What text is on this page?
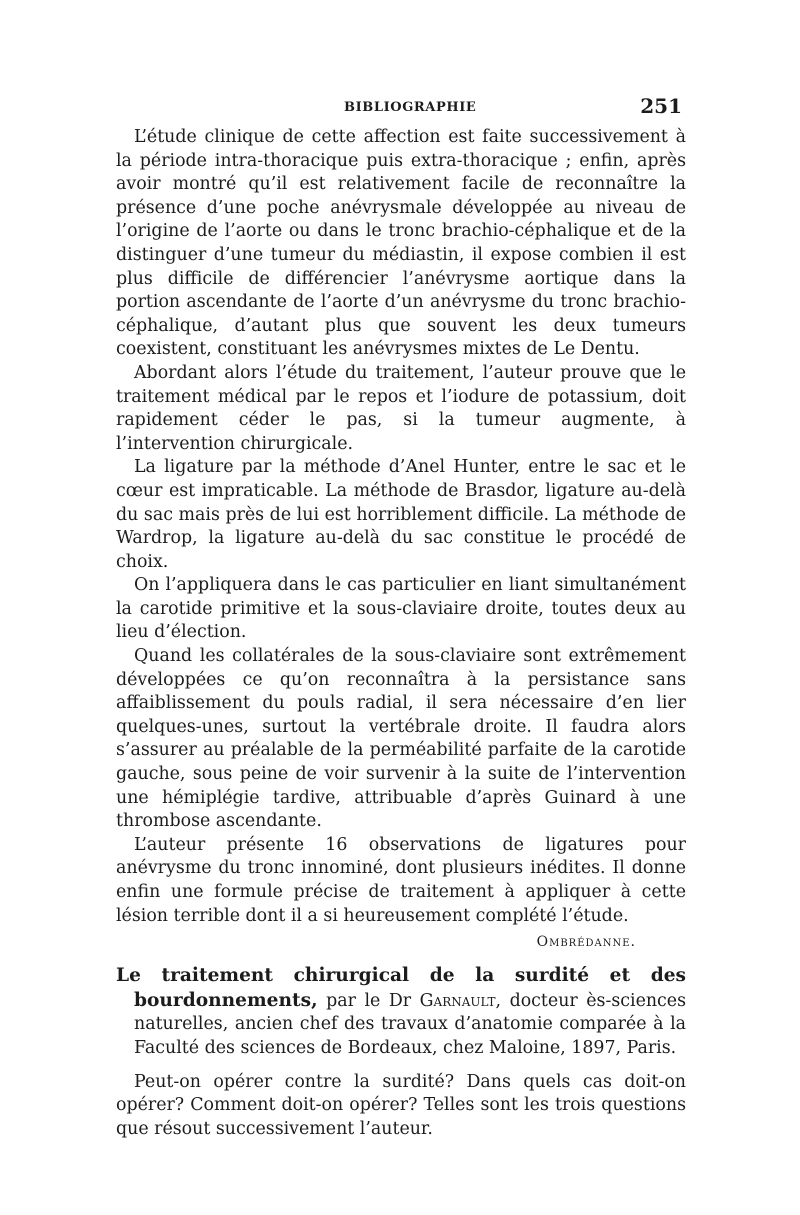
BIBLIOGRAPHIE	251

L’étude clinique de cette affection est faite successivement à la période intra-thoracique puis extra-thoracique ; enfin, après avoir montré qu’il est relativement facile de reconnaître la présence d’une poche anévrysmale développée au niveau de l’origine de l’aorte ou dans le tronc brachio-céphalique et de la distinguer d’une tumeur du médiastin, il expose combien il est plus difficile de différencier l’anévrysme aortique dans la portion ascendante de l’aorte d’un anévrysme du tronc brachio-céphalique, d’autant plus que souvent les deux tumeurs coexistent, constituant les anévrysmes mixtes de Le Dentu.

Abordant alors l’étude du traitement, l’auteur prouve que le traitement médical par le repos et l’iodure de potassium, doit rapidement céder le pas, si la tumeur augmente, à l’intervention chirurgicale.

La ligature par la méthode d’Anel Hunter, entre le sac et le cœur est impraticable. La méthode de Brasdor, ligature au-delà du sac mais près de lui est horriblement difficile. La méthode de Wardrop, la ligature au-delà du sac constitue le procédé de choix.

On l’appliquera dans le cas particulier en liant simultanément la carotide primitive et la sous-claviaire droite, toutes deux au lieu d’élection.

Quand les collatérales de la sous-claviaire sont extrêmement développées ce qu’on reconnaîtra à la persistance sans affaiblissement du pouls radial, il sera nécessaire d’en lier quelques-unes, surtout la vertébrale droite. Il faudra alors s’assurer au préalable de la perméabilité parfaite de la carotide gauche, sous peine de voir survenir à la suite de l’intervention une hémiplégie tardive, attribuable d’après Guinard à une thrombose ascendante.

L’auteur présente 16 observations de ligatures pour anévrysme du tronc innominé, dont plusieurs inédites. Il donne enfin une formule précise de traitement à appliquer à cette lésion terrible dont il a si heureusement complété l’étude.

Ombrédanne.
Le traitement chirurgical de la surdité et des bourdonnements, par le Dr Garnault, docteur ès-sciences naturelles, ancien chef des travaux d’anatomie comparée à la Faculté des sciences de Bordeaux, chez Maloine, 1897, Paris.

Peut-on opérer contre la surdité? Dans quels cas doit-on opérer? Comment doit-on opérer? Telles sont les trois questions que résout successivement l’auteur.
